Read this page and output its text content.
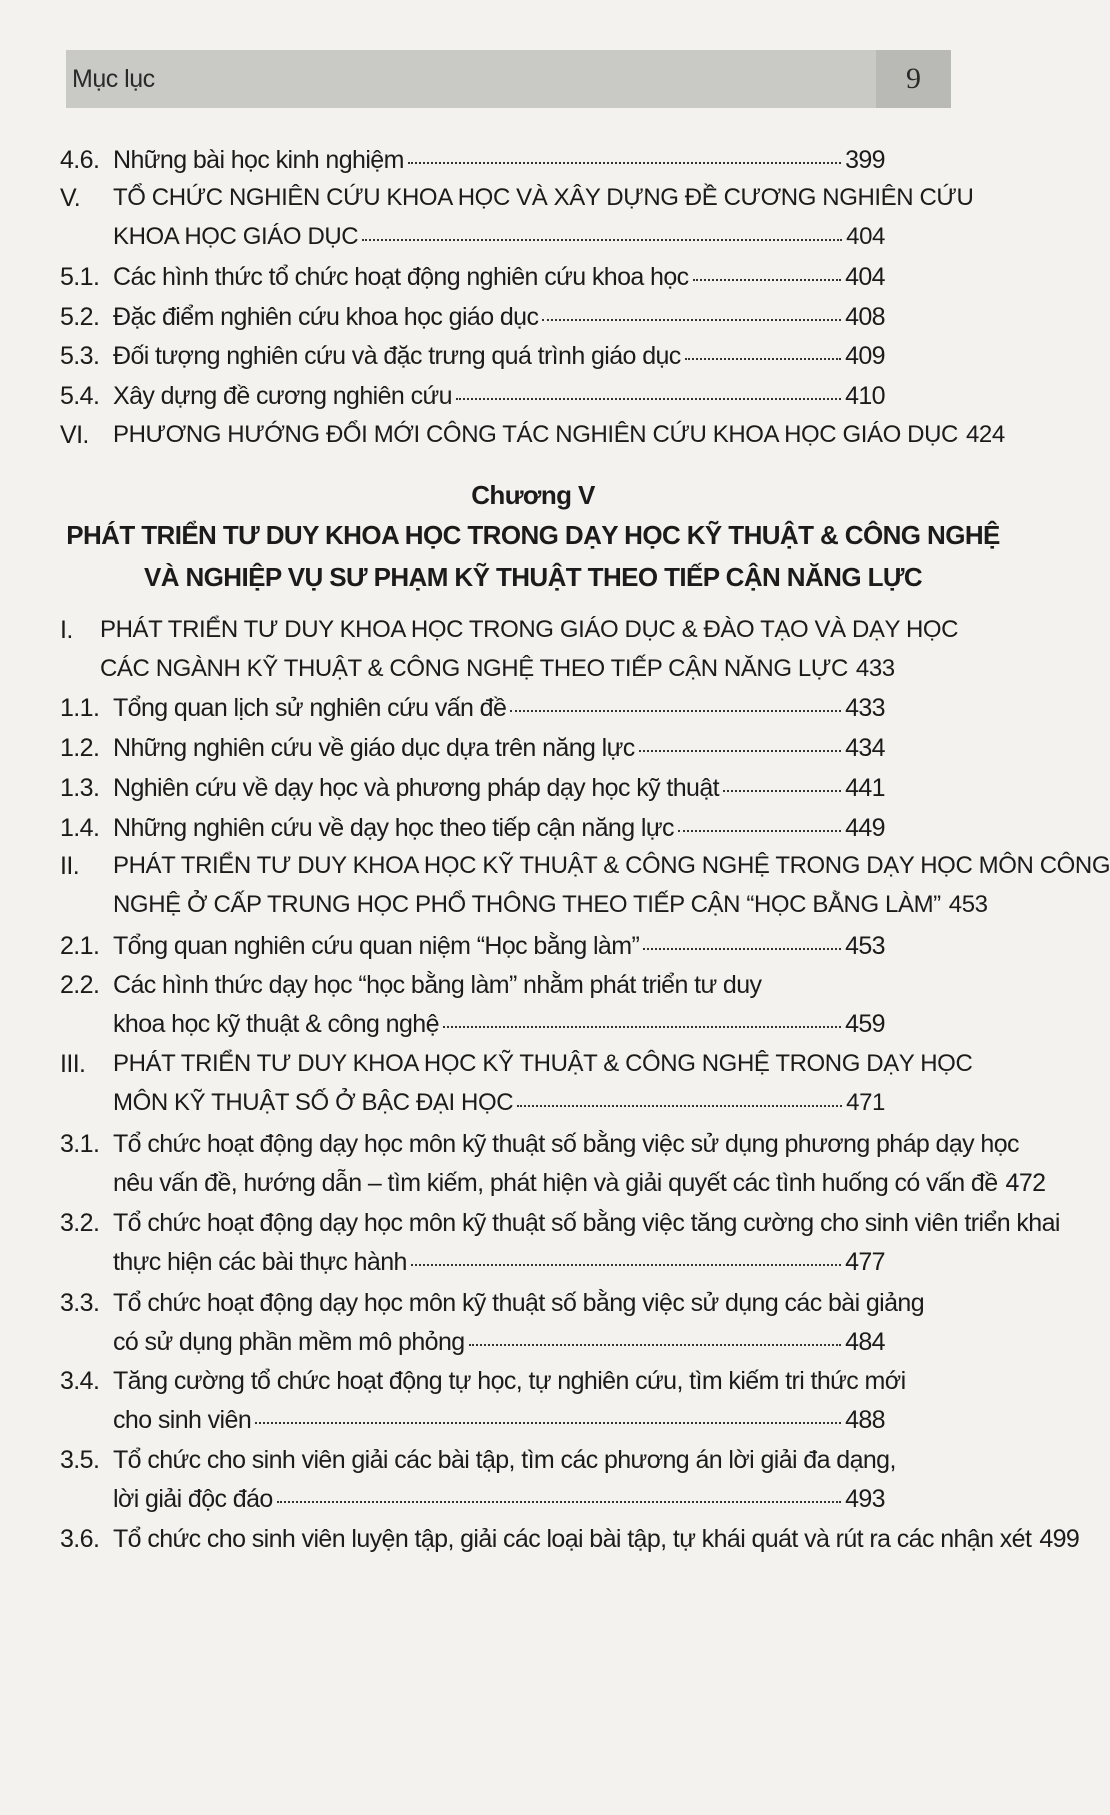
Mục lục	9
Chương V
PHÁT TRIỂN TƯ DUY KHOA HỌC TRONG DẠY HỌC KỸ THUẬT & CÔNG NGHỆ
VÀ NGHIỆP VỤ SƯ PHẠM KỸ THUẬT THEO TIẾP CẬN NĂNG LỰC
4.6. Những bài học kinh nghiệm	399
V. TỔ CHỨC NGHIÊN CỨU KHOA HỌC VÀ XÂY DỰNG ĐỀ CƯƠNG NGHIÊN CỨU
KHOA HỌC GIÁO DỤC	404
5.1. Các hình thức tổ chức hoạt động nghiên cứu khoa học	404
5.2. Đặc điểm nghiên cứu khoa học giáo dục	408
5.3. Đối tượng nghiên cứu và đặc trưng quá trình giáo dục	409
5.4. Xây dựng đề cương nghiên cứu	410
VI. PHƯƠNG HƯỚNG ĐỔI MỚI CÔNG TÁC NGHIÊN CỨU KHOA HỌC GIÁO DỤC 424
I. PHÁT TRIỂN TƯ DUY KHOA HỌC TRONG GIÁO DỤC & ĐÀO TẠO VÀ DẠY HỌC
CÁC NGÀNH KỸ THUẬT & CÔNG NGHỆ THEO TIẾP CẬN NĂNG LỰC 433
1.1. Tổng quan lịch sử nghiên cứu vấn đề	433
1.2. Những nghiên cứu về giáo dục dựa trên năng lực	434
1.3. Nghiên cứu về dạy học và phương pháp dạy học kỹ thuật	441
1.4. Những nghiên cứu về dạy học theo tiếp cận năng lực	449
II. PHÁT TRIỂN TƯ DUY KHOA HỌC KỸ THUẬT & CÔNG NGHỆ TRONG DẠY HỌC MÔN CÔNG
NGHỆ Ở CẤP TRUNG HỌC PHỔ THÔNG THEO TIẾP CẬN “HỌC BẰNG LÀM” 453
2.1. Tổng quan nghiên cứu quan niệm “Học bằng làm”	453
2.2. Các hình thức dạy học “học bằng làm” nhằm phát triển tư duy
khoa học kỹ thuật & công nghệ	459
III. PHÁT TRIỂN TƯ DUY KHOA HỌC KỸ THUẬT & CÔNG NGHỆ TRONG DẠY HỌC
MÔN KỸ THUẬT SỐ Ở BẬC ĐẠI HỌC	471
3.1. Tổ chức hoạt động dạy học môn kỹ thuật số bằng việc sử dụng phương pháp dạy học
nêu vấn đề, hướng dẫn – tìm kiếm, phát hiện và giải quyết các tình huống có vấn đề 472
3.2. Tổ chức hoạt động dạy học môn kỹ thuật số bằng việc tăng cường cho sinh viên triển khai
thực hiện các bài thực hành	477
3.3. Tổ chức hoạt động dạy học môn kỹ thuật số bằng việc sử dụng các bài giảng
có sử dụng phần mềm mô phỏng	484
3.4. Tăng cường tổ chức hoạt động tự học, tự nghiên cứu, tìm kiếm tri thức mới
cho sinh viên	488
3.5. Tổ chức cho sinh viên giải các bài tập, tìm các phương án lời giải đa dạng,
lời giải độc đáo	493
3.6. Tổ chức cho sinh viên luyện tập, giải các loại bài tập, tự khái quát và rút ra các nhận xét 499
